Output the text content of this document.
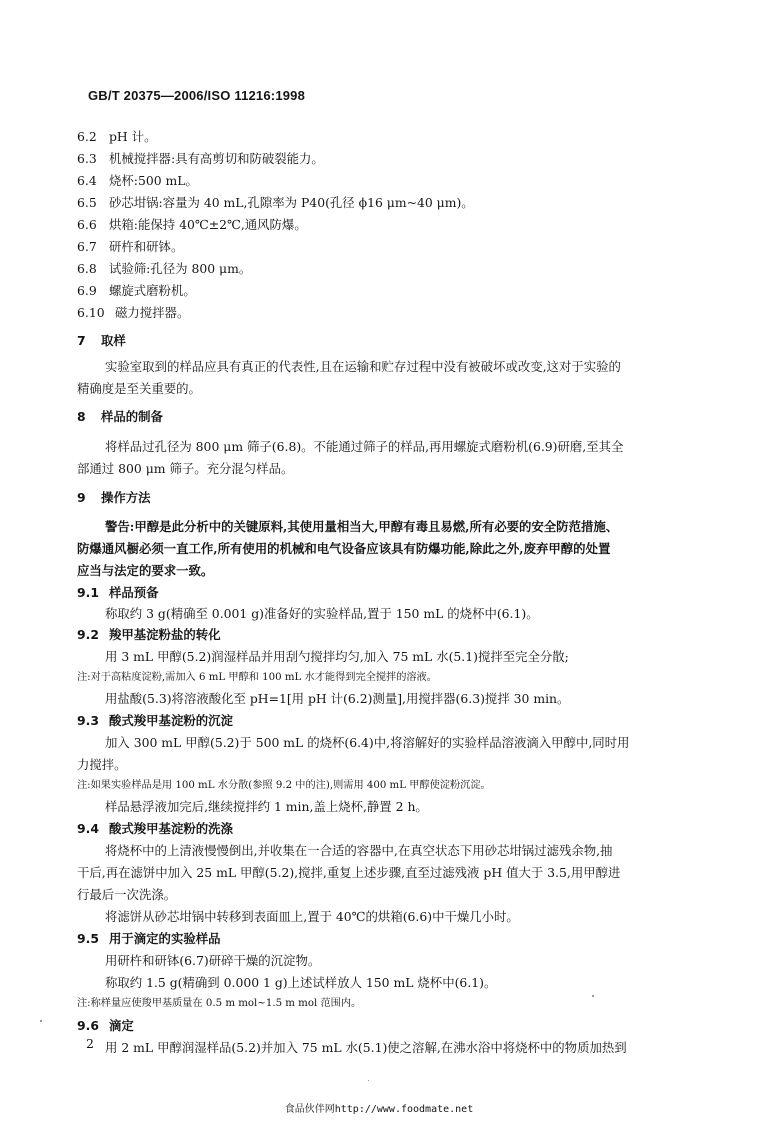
GB/T 20375—2006/ISO 11216:1998
6.2 pH 计。
6.3 机械搅拌器:具有高剪切和防破裂能力。
6.4 烧杯:500 mL。
6.5 砂芯坩锅:容量为 40 mL,孔隙率为 P40(孔径 ϕ16 μm~40 μm)。
6.6 烘箱:能保持 40℃±2℃,通风防爆。
6.7 研杵和研钵。
6.8 试验筛:孔径为 800 μm。
6.9 螺旋式磨粉机。
6.10 磁力搅拌器。
7 取样
实验室取到的样品应具有真正的代表性,且在运输和贮存过程中没有被破坏或改变,这对于实验的
精确度是至关重要的。
8 样品的制备
将样品过孔径为 800 μm 筛子(6.8)。不能通过筛子的样品,再用螺旋式磨粉机(6.9)研磨,至其全
部通过 800 μm 筛子。充分混匀样品。
9 操作方法
警告:甲醇是此分析中的关键原料,其使用量相当大,甲醇有毒且易燃,所有必要的安全防范措施、
防爆通风橱必须一直工作,所有使用的机械和电气设备应该具有防爆功能,除此之外,废弃甲醇的处置
应当与法定的要求一致。
9.1 样品预备
称取约 3 g(精确至 0.001 g)准备好的实验样品,置于 150 mL 的烧杯中(6.1)。
9.2 羧甲基淀粉盐的转化
用 3 mL 甲醇(5.2)润湿样品并用刮勺搅拌均匀,加入 75 mL 水(5.1)搅拌至完全分散;
注:对于高粘度淀粉,需加入 6 mL 甲醇和 100 mL 水才能得到完全搅拌的溶液。
用盐酸(5.3)将溶液酸化至 pH=1[用 pH 计(6.2)测量],用搅拌器(6.3)搅拌 30 min。
9.3 酸式羧甲基淀粉的沉淀
加入 300 mL 甲醇(5.2)于 500 mL 的烧杯(6.4)中,将溶解好的实验样品溶液滴入甲醇中,同时用
力搅拌。
注:如果实验样品是用 100 mL 水分散(参照 9.2 中的注),则需用 400 mL 甲醇使淀粉沉淀。
样品悬浮液加完后,继续搅拌约 1 min,盖上烧杯,静置 2 h。
9.4 酸式羧甲基淀粉的洗涤
将烧杯中的上清液慢慢倒出,并收集在一合适的容器中,在真空状态下用砂芯坩锅过滤残余物,抽
干后,再在滤饼中加入 25 mL 甲醇(5.2),搅拌,重复上述步骤,直至过滤残液 pH 值大于 3.5,用甲醇进
行最后一次洗涤。
将滤饼从砂芯坩锅中转移到表面皿上,置于 40℃的烘箱(6.6)中干燥几小时。
9.5 用于滴定的实验样品
用研杵和研钵(6.7)研碎干燥的沉淀物。
称取约 1.5 g(精确到 0.000 1 g)上述试样放人 150 mL 烧杯中(6.1)。
注:称样量应使羧甲基质量在 0.5 m mol~1.5 m mol 范围内。
9.6 滴定
用 2 mL 甲醇润湿样品(5.2)并加入 75 mL 水(5.1)使之溶解,在沸水浴中将烧杯中的物质加热到
2
食品伙伴网http://www.foodmate.net
